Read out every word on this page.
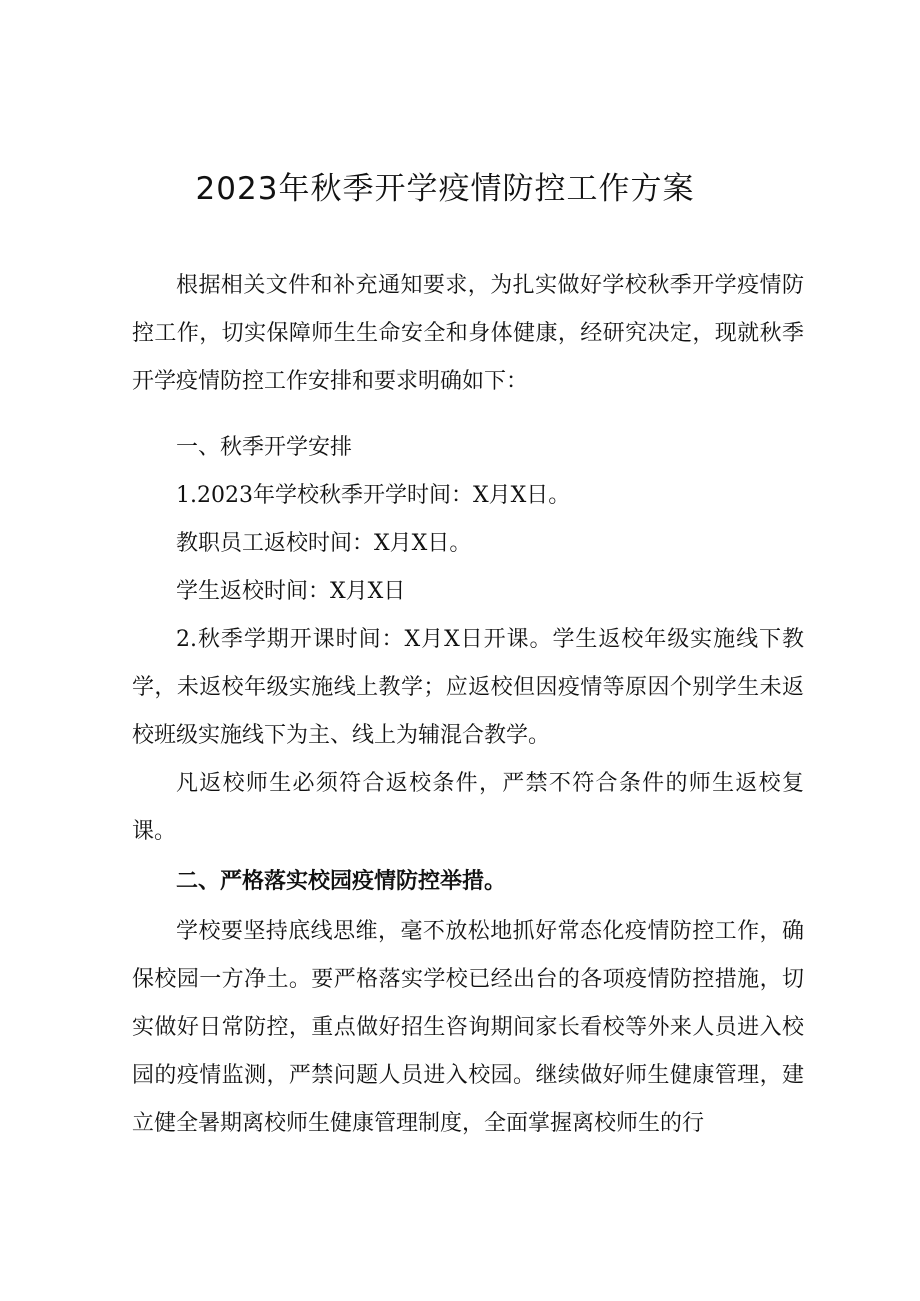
2023年秋季开学疫情防控工作方案

根据相关文件和补充通知要求，为扎实做好学校秋季开学疫情防控工作，切实保障师生生命安全和身体健康，经研究决定，现就秋季开学疫情防控工作安排和要求明确如下：

一、秋季开学安排

1.2023年学校秋季开学时间：X月X日。

教职员工返校时间：X月X日。

学生返校时间：X月X日

2.秋季学期开课时间：X月X日开课。学生返校年级实施线下教学，未返校年级实施线上教学；应返校但因疫情等原因个别学生未返校班级实施线下为主、线上为辅混合教学。

凡返校师生必须符合返校条件，严禁不符合条件的师生返校复课。

二、严格落实校园疫情防控举措。

学校要坚持底线思维，毫不放松地抓好常态化疫情防控工作，确保校园一方净土。要严格落实学校已经出台的各项疫情防控措施，切实做好日常防控，重点做好招生咨询期间家长看校等外来人员进入校园的疫情监测，严禁问题人员进入校园。继续做好师生健康管理，建立健全暑期离校师生健康管理制度，全面掌握离校师生的行
